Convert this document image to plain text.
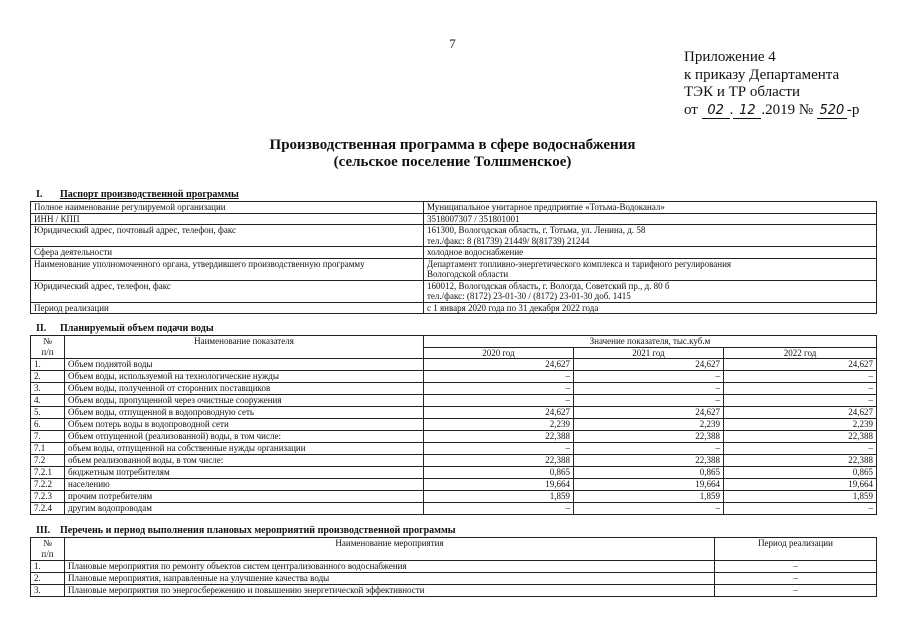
7
Приложение 4
к приказу Департамента
ТЭК и ТР области
от 02 . 12 .2019 № 520 -р
Производственная программа в сфере водоснабжения
(сельское поселение Толшменское)
I. Паспорт производственной программы
Полное наименование регулируемой организации	Муниципальное унитарное предприятие «Тотьма-Водоканал»

ИНН / КПП	3518007307 / 351801001

Юридический адрес, почтовый адрес, телефон, факс	161300, Вологодская область, г. Тотьма, ул. Ленина, д. 58
тел./факс: 8 (81739) 21449/ 8(81739) 21244

Сфера деятельности	холодное водоснабжение

Наименование уполномоченного органа, утвердившего производственную программу	Департамент топливно-энергетического комплекса и тарифного регулирования
Вологодской области

Юридический адрес, телефон, факс	160012, Вологодская область, г. Вологда, Советский пр., д. 80 б
тел./факс: (8172) 23-01-30 / (8172) 23-01-30 доб. 1415

Период реализации	с 1 января 2020 года по 31 декабря 2022 года
II. Планируемый объем подачи воды
№
п/п	Наименование показателя	Значение показателя, тыс.куб.м		
		2020 год	2021 год	2022 год
1.	Объем поднятой воды	24,627	24,627	24,627
2.	Объем воды, используемой на технологические нужды	–	–	–
3.	Объем воды, полученной от сторонних поставщиков	–	–	–
4.	Объем воды, пропущенной через очистные сооружения	–	–	–
5.	Объем воды, отпущенной в водопроводную сеть	24,627	24,627	24,627
6.	Объем потерь воды в водопроводной сети	2,239	2,239	2,239
7.	Объем отпущенной (реализованной) воды, в том числе:	22,388	22,388	22,388
7.1	объем воды, отпущенной на собственные нужды организации	–	–	–
7.2	объем реализованной воды, в том числе:	22,388	22,388	22,388
7.2.1	бюджетным потребителям	0,865	0,865	0,865
7.2.2	населению	19,664	19,664	19,664
7.2.3	прочим потребителям	1,859	1,859	1,859
7.2.4	другим водопроводам	–	–	–
III. Перечень и период выполнения плановых мероприятий производственной программы
№
п/п	Наименование мероприятия	Период реализации
1.	Плановые мероприятия по ремонту объектов систем централизованного водоснабжения	–
2.	Плановые мероприятия, направленные на улучшение качества воды	–
3.	Плановые мероприятия по энергосбережению и повышению энергетической эффективности	–
